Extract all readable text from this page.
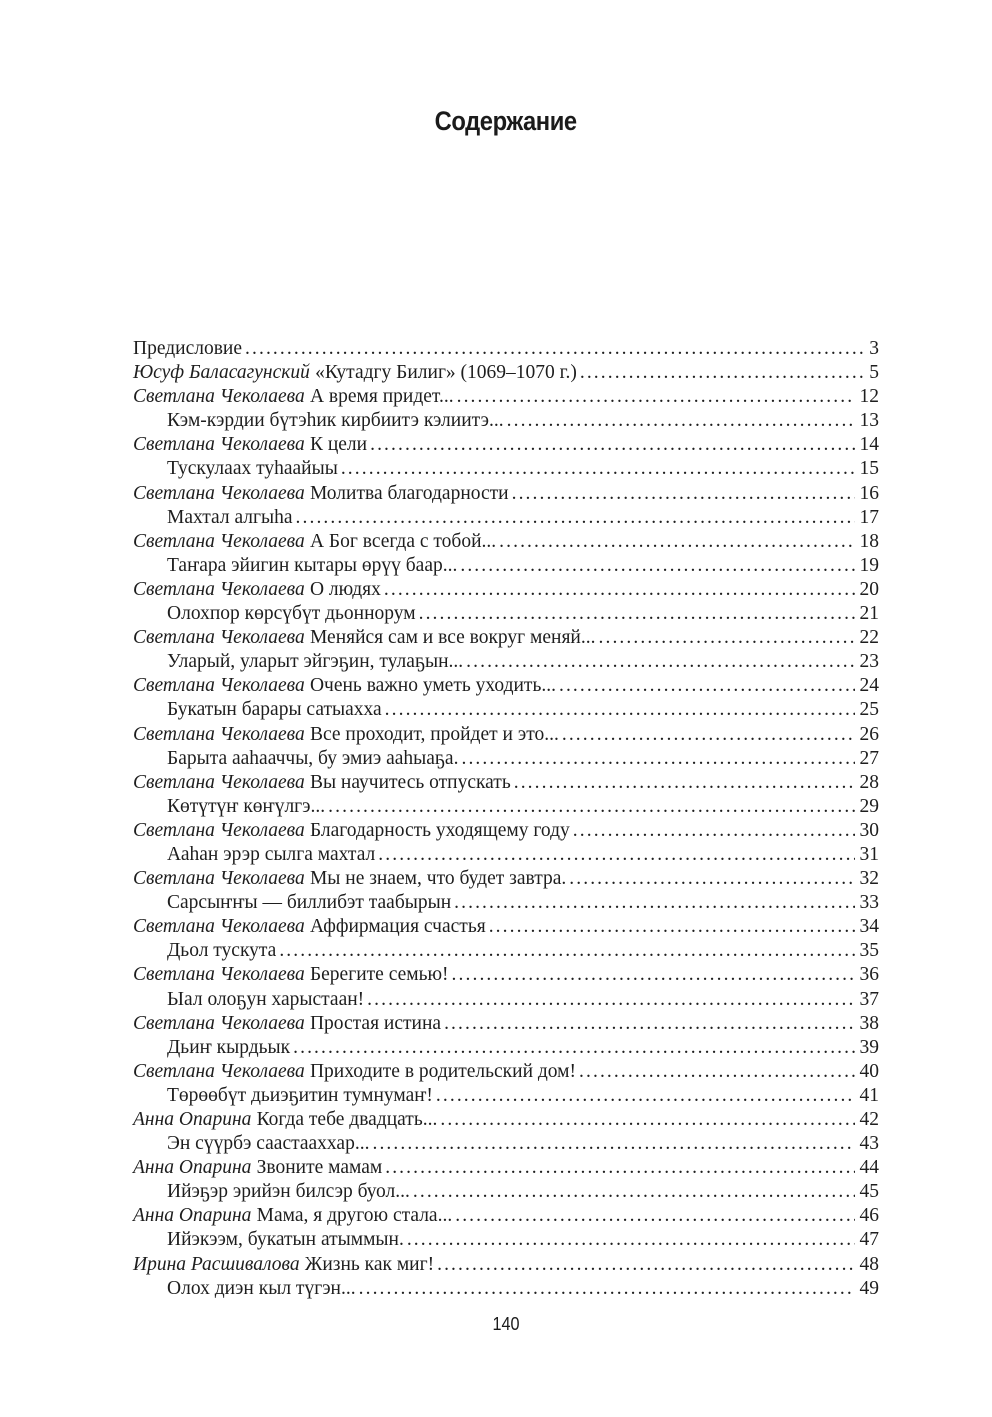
Содержание
Предисловие .....	3
Юсуф Баласагунский «Кутадгу Билиг» (1069–1070 г.) .....	5
Светлана Чеколаева А время придет... .....	12
Кэм-кэрдии бүтэһик кирбиитэ кэлиитэ... .....	13
Светлана Чеколаева К цели .....	14
Тускулаах туһаайыы .....	15
Светлана Чеколаева Молитва благодарности .....	16
Махтал алгыһа .....	17
Светлана Чеколаева А Бог всегда с тобой... .....	18
Таҥара эйигин кытары өрүү баар... .....	19
Светлана Чеколаева О людях .....	20
Олохпор көрсүбүт дьоннорум .....	21
Светлана Чеколаева Меняйся сам и все вокруг меняй... .....	22
Уларый, уларыт эйгэҕин, тулаҕын... .....	23
Светлана Чеколаева Очень важно уметь уходить... .....	24
Букатын барары сатыахха .....	25
Светлана Чеколаева Все проходит, пройдет и это... .....	26
Барыта ааһааччы, бу эмиэ ааһыаҕа. .....	27
Светлана Чеколаева Вы научитесь отпускать .....	28
Көтүтүҥ көҥүлгэ... .....	29
Светлана Чеколаева Благодарность уходящему году .....	30
Ааһан эрэр сылга махтал .....	31
Светлана Чеколаева Мы не знаем, что будет завтра. .....	32
Сарсыҥҥы — биллибэт таабырын .....	33
Светлана Чеколаева Аффирмация счастья .....	34
Дьол тускута .....	35
Светлана Чеколаева Берегите семью! .....	36
Ыал олоҕун харыстаан! .....	37
Светлана Чеколаева Простая истина .....	38
Дьиҥ кырдьык .....	39
Светлана Чеколаева Приходите в родительский дом! .....	40
Төрөөбүт дьиэҕитин тумнумаҥ! .....	41
Анна Опарина Когда тебе двадцать... .....	42
Эн сүүрбэ саастааххар... .....	43
Анна Опарина Звоните мамам .....	44
Ийэҕэр эрийэн билсэр буол... .....	45
Анна Опарина Мама, я другою стала... .....	46
Ийэкээм, букатын атыммын. .....	47
Ирина Расшивалова Жизнь как миг! .....	48
Олох диэн кыл түгэн... .....	49
140
